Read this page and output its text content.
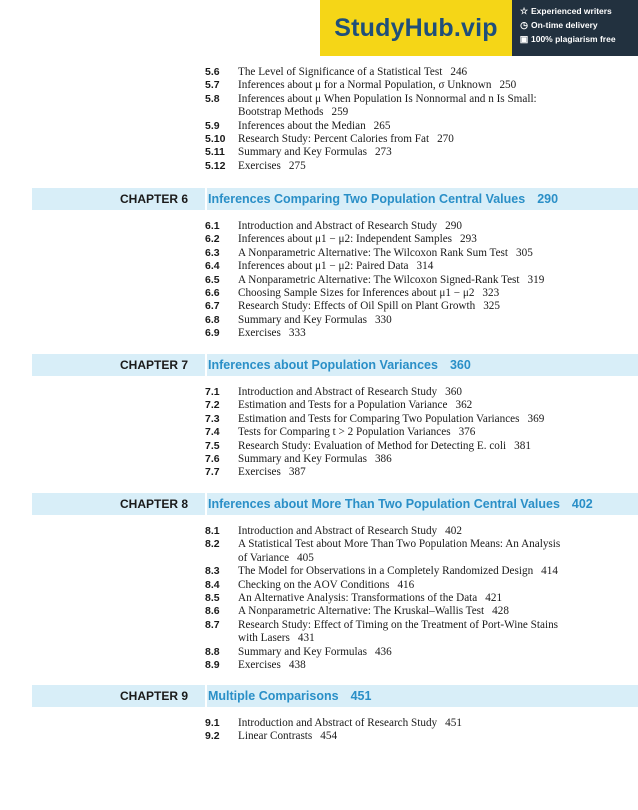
StudyHub.vip
☆ Experienced writers
◷ On-time delivery
▣ 100% plagiarism free
5.6	The Level of Significance of a Statistical Test 246
5.7	Inferences about μ for a Normal Population, σ Unknown 250
5.8	Inferences about μ When Population Is Nonnormal and n Is Small: Bootstrap Methods 259
5.9	Inferences about the Median 265
5.10	Research Study: Percent Calories from Fat 270
5.11	Summary and Key Formulas 273
5.12	Exercises 275
CHAPTER 6	Inferences Comparing Two Population Central Values 290
6.1	Introduction and Abstract of Research Study 290
6.2	Inferences about μ1 − μ2: Independent Samples 293
6.3	A Nonparametric Alternative: The Wilcoxon Rank Sum Test 305
6.4	Inferences about μ1 − μ2: Paired Data 314
6.5	A Nonparametric Alternative: The Wilcoxon Signed-Rank Test 319
6.6	Choosing Sample Sizes for Inferences about μ1 − μ2 323
6.7	Research Study: Effects of Oil Spill on Plant Growth 325
6.8	Summary and Key Formulas 330
6.9	Exercises 333
CHAPTER 7	Inferences about Population Variances 360
7.1	Introduction and Abstract of Research Study 360
7.2	Estimation and Tests for a Population Variance 362
7.3	Estimation and Tests for Comparing Two Population Variances 369
7.4	Tests for Comparing t > 2 Population Variances 376
7.5	Research Study: Evaluation of Method for Detecting E. coli 381
7.6	Summary and Key Formulas 386
7.7	Exercises 387
CHAPTER 8	Inferences about More Than Two Population Central Values 402
8.1	Introduction and Abstract of Research Study 402
8.2	A Statistical Test about More Than Two Population Means: An Analysis of Variance 405
8.3	The Model for Observations in a Completely Randomized Design 414
8.4	Checking on the AOV Conditions 416
8.5	An Alternative Analysis: Transformations of the Data 421
8.6	A Nonparametric Alternative: The Kruskal–Wallis Test 428
8.7	Research Study: Effect of Timing on the Treatment of Port-Wine Stains with Lasers 431
8.8	Summary and Key Formulas 436
8.9	Exercises 438
CHAPTER 9	Multiple Comparisons 451
9.1	Introduction and Abstract of Research Study 451
9.2	Linear Contrasts 454
